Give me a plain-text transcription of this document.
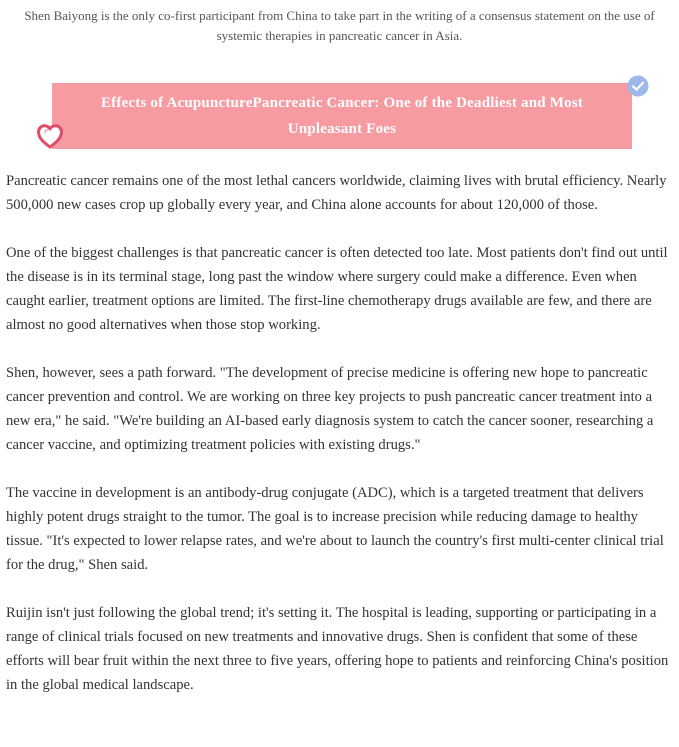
Shen Baiyong is the only co-first participant from China to take part in the writing of a consensus statement on the use of systemic therapies in pancreatic cancer in Asia.
Effects of AcupuncturePancreatic Cancer: One of the Deadliest and Most Unpleasant Foes

Pancreatic cancer remains one of the most lethal cancers worldwide, claiming lives with brutal efficiency. Nearly 500,000 new cases crop up globally every year, and China alone accounts for about 120,000 of those.

One of the biggest challenges is that pancreatic cancer is often detected too late. Most patients don't find out until the disease is in its terminal stage, long past the window where surgery could make a difference. Even when caught earlier, treatment options are limited. The first-line chemotherapy drugs available are few, and there are almost no good alternatives when those stop working.

Shen, however, sees a path forward. "The development of precise medicine is offering new hope to pancreatic cancer prevention and control. We are working on three key projects to push pancreatic cancer treatment into a new era," he said. "We're building an AI-based early diagnosis system to catch the cancer sooner, researching a cancer vaccine, and optimizing treatment policies with existing drugs."

The vaccine in development is an antibody-drug conjugate (ADC), which is a targeted treatment that delivers highly potent drugs straight to the tumor. The goal is to increase precision while reducing damage to healthy tissue. "It's expected to lower relapse rates, and we're about to launch the country's first multi-center clinical trial for the drug," Shen said.

Ruijin isn't just following the global trend; it's setting it. The hospital is leading, supporting or participating in a range of clinical trials focused on new treatments and innovative drugs. Shen is confident that some of these efforts will bear fruit within the next three to five years, offering hope to patients and reinforcing China's position in the global medical landscape.
